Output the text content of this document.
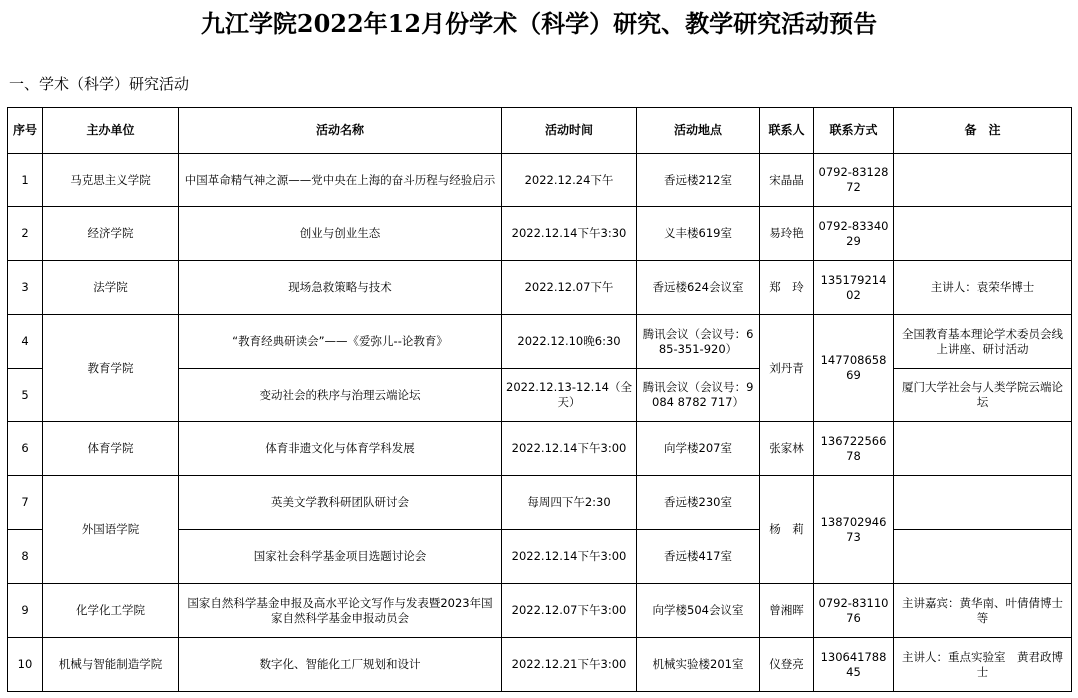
九江学院2022年12月份学术（科学）研究、教学研究活动预告
一、学术（科学）研究活动
序号	主办单位	活动名称	活动时间	活动地点	联系人	联系方式	备　注
1	马克思主义学院	中国革命精气神之源——党中央在上海的奋斗历程与经验启示	2022.12.24下午	香远楼212室	宋晶晶	0792-8312872	
2	经济学院	创业与创业生态	2022.12.14下午3:30	义丰楼619室	易玲艳	0792-8334029	
3	法学院	现场急救策略与技术	2022.12.07下午	香远楼624会议室	郑　玲	13517921402	主讲人：袁荣华博士
4	教育学院	“教育经典研读会”——《爱弥儿--论教育》	2022.12.10晚6:30	腾讯会议（会议号：685-351-920）	刘丹青	14770865869	全国教育基本理论学术委员会线上讲座、研讨活动
5		变动社会的秩序与治理云端论坛	2022.12.13-12.14（全天）	腾讯会议（会议号：9084 8782 717）			厦门大学社会与人类学院云端论坛
6	体育学院	体育非遗文化与体育学科发展	2022.12.14下午3:00	向学楼207室	张家林	13672256678	
7	外国语学院	英美文学教科研团队研讨会	每周四下午2:30	香远楼230室	杨　莉	13870294673	
8		国家社会科学基金项目选题讨论会	2022.12.14下午3:00	香远楼417室			
9	化学化工学院	国家自然科学基金申报及高水平论文写作与发表暨2023年国家自然科学基金申报动员会	2022.12.07下午3:00	向学楼504会议室	曾湘晖	0792-8311076	主讲嘉宾：黄华南、叶倩倩博士等
10	机械与智能制造学院	数字化、智能化工厂规划和设计	2022.12.21下午3:00	机械实验楼201室	仪登亮	13064178845	主讲人：重点实验室　黄君政博士
